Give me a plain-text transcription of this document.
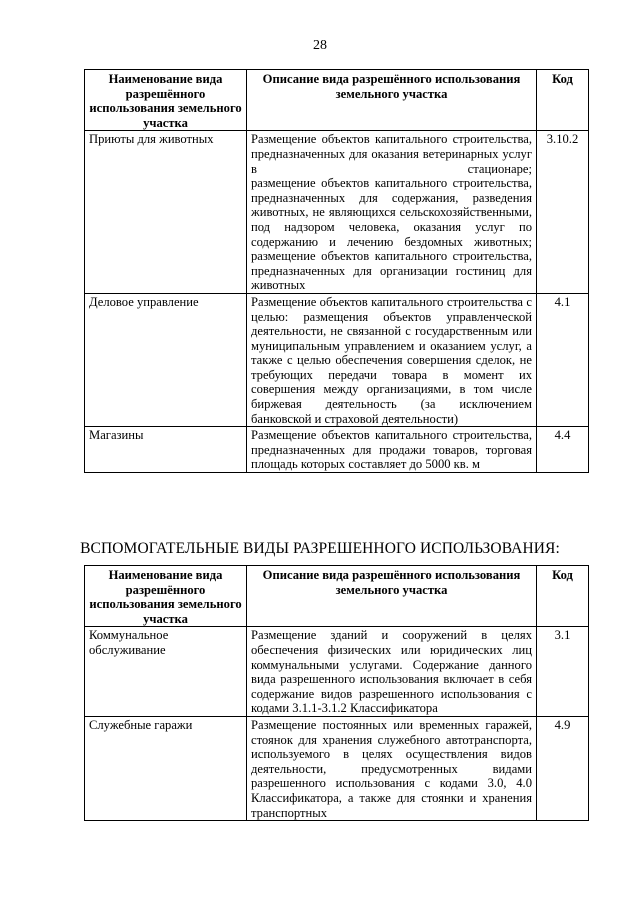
28
Наименование вида разрешённого использования земельного участка	Описание вида разрешённого использования земельного участка	Код
Приюты для животных	Размещение объектов капитального строительства, предназначенных для оказания ветеринарных услуг в стационаре;
размещение объектов капитального строительства, предназначенных для содержания, разведения животных, не являющихся сельскохозяйственными, под надзором человека, оказания услуг по содержанию и лечению бездомных животных;
размещение объектов капитального строительства, предназначенных для организации гостиниц для животных	3.10.2
Деловое управление	Размещение объектов капитального строительства с целью: размещения объектов управленческой деятельности, не связанной с государственным или муниципальным управлением и оказанием услуг, а также с целью обеспечения совершения сделок, не требующих передачи товара в момент их совершения между организациями, в том числе биржевая деятельность (за исключением банковской и страховой деятельности)	4.1
Магазины	Размещение объектов капитального строительства, предназначенных для продажи товаров, торговая площадь которых составляет до 5000 кв. м	4.4
ВСПОМОГАТЕЛЬНЫЕ ВИДЫ РАЗРЕШЕННОГО ИСПОЛЬЗОВАНИЯ:
Наименование вида разрешённого использования земельного участка	Описание вида разрешённого использования земельного участка	Код
Коммунальное обслуживание	Размещение зданий и сооружений в целях обеспечения физических или юридических лиц коммунальными услугами. Содержание данного вида разрешенного использования включает в себя содержание видов разрешенного использования с кодами 3.1.1-3.1.2 Классификатора	3.1
Служебные гаражи	Размещение постоянных или временных гаражей, стоянок для хранения служебного автотранспорта, используемого в целях осуществления видов деятельности, предусмотренных видами разрешенного использования с кодами 3.0, 4.0 Классификатора, а также для стоянки и хранения транспортных	4.9
